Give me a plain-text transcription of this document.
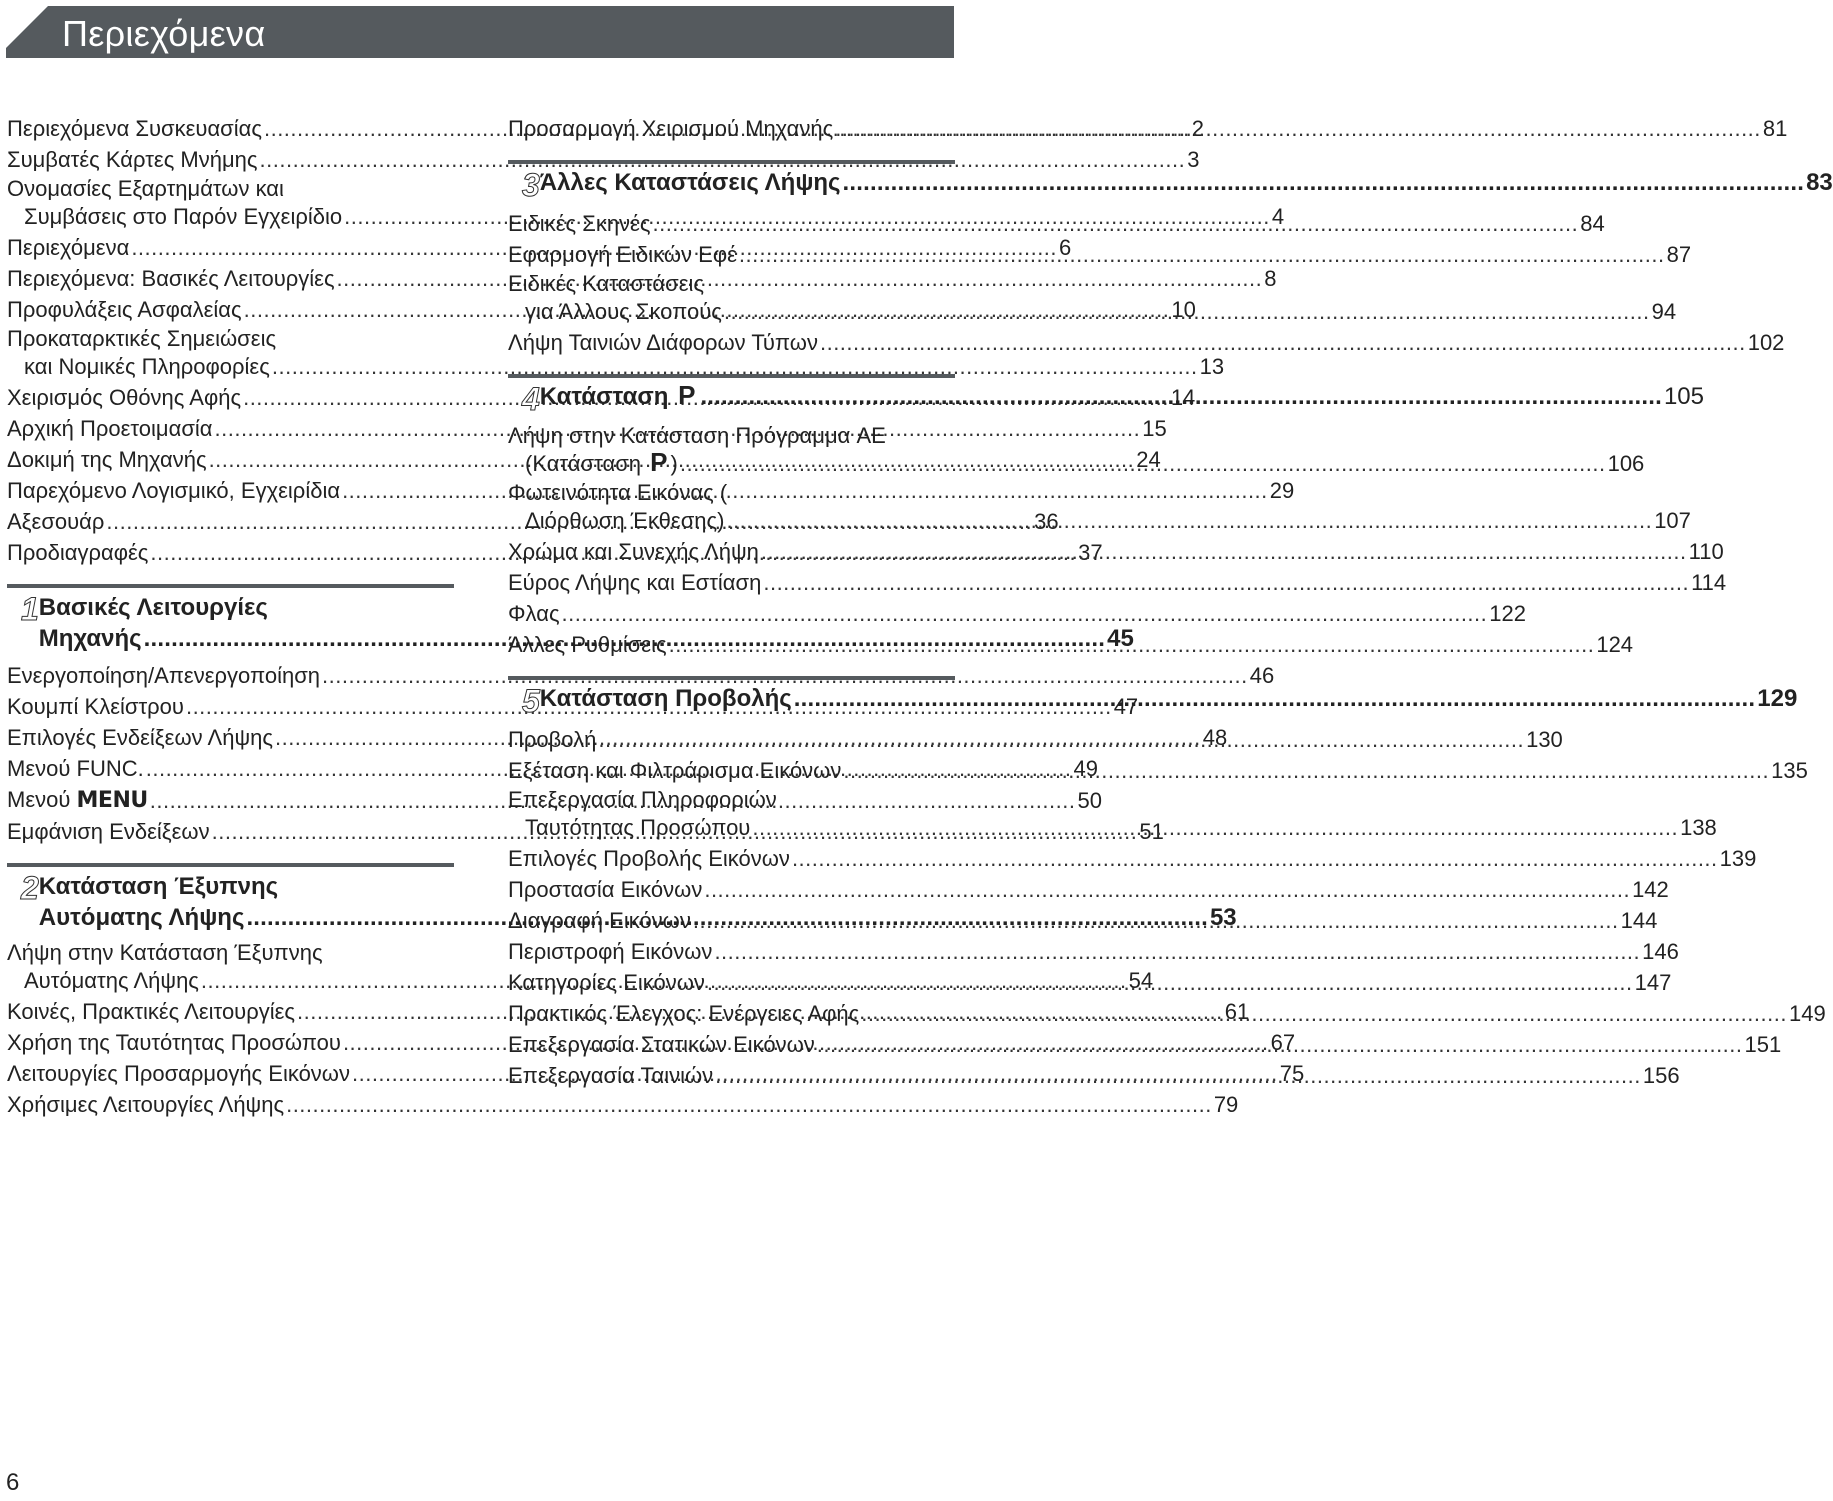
Περιεχόμενα
Περιεχόμενα Συσκευασίας .....	2
Συμβατές Κάρτες Μνήμης .....	3
Ονομασίες Εξαρτημάτων και
Συμβάσεις στο Παρόν Εγχειρίδιο .....	4
Περιεχόμενα .....	6
Περιεχόμενα: Βασικές Λειτουργίες .....	8
Προφυλάξεις Ασφαλείας .....	10
Προκαταρκτικές Σημειώσεις
και Νομικές Πληροφορίες .....	13
Χειρισμός Οθόνης Αφής .....	14
Αρχική Προετοιμασία .....	15
Δοκιμή της Μηχανής .....	24
Παρεχόμενο Λογισμικό, Εγχειρίδια .....	29
Αξεσουάρ .....	36
Προδιαγραφές .....	37
1 Βασικές Λειτουργίες
Μηχανής .....	45
Ενεργοποίηση/Απενεργοποίηση .....	46
Κουμπί Κλείστρου .....	47
Επιλογές Ενδείξεων Λήψης .....	48
Μενού FUNC. .....	49
Μενού MENU .....	50
Εμφάνιση Ενδείξεων .....	51
2 Κατάσταση Έξυπνης
Αυτόματης Λήψης .....	53
Λήψη στην Κατάσταση Έξυπνης
Αυτόματης Λήψης .....	54
Κοινές, Πρακτικές Λειτουργίες .....	61
Χρήση της Ταυτότητας Προσώπου .....	67
Λειτουργίες Προσαρμογής Εικόνων .....	75
Χρήσιμες Λειτουργίες Λήψης .....	79
Προσαρμογή Χειρισμού Μηχανής .....	81
3 Άλλες Καταστάσεις Λήψης .....	83
Ειδικές Σκηνές .....	84
Εφαρμογή Ειδικών Εφέ .....	87
Ειδικές Καταστάσεις
για Άλλους Σκοπούς .....	94
Λήψη Ταινιών Διάφορων Τύπων .....	102
4 Κατάσταση P .....	105
Λήψη στην Κατάσταση Πρόγραμμα AE
(Κατάσταση P ) .....	106
Φωτεινότητα Εικόνας (
Διόρθωση Έκθεσης) .....	107
Χρώμα και Συνεχής Λήψη .....	110
Εύρος Λήψης και Εστίαση .....	114
Φλας .....	122
Άλλες Ρυθμίσεις .....	124
5 Κατάσταση Προβολής .....	129
Προβολή .....	130
Εξέταση και Φιλτράρισμα Εικόνων .....	135
Επεξεργασία Πληροφοριών
Ταυτότητας Προσώπου .....	138
Επιλογές Προβολής Εικόνων .....	139
Προστασία Εικόνων .....	142
Διαγραφή Εικόνων .....	144
Περιστροφή Εικόνων .....	146
Κατηγορίες Εικόνων .....	147
Πρακτικός Έλεγχος: Ενέργειες Αφής .....	149
Επεξεργασία Στατικών Εικόνων .....	151
Επεξεργασία Ταινιών .....	156
6
